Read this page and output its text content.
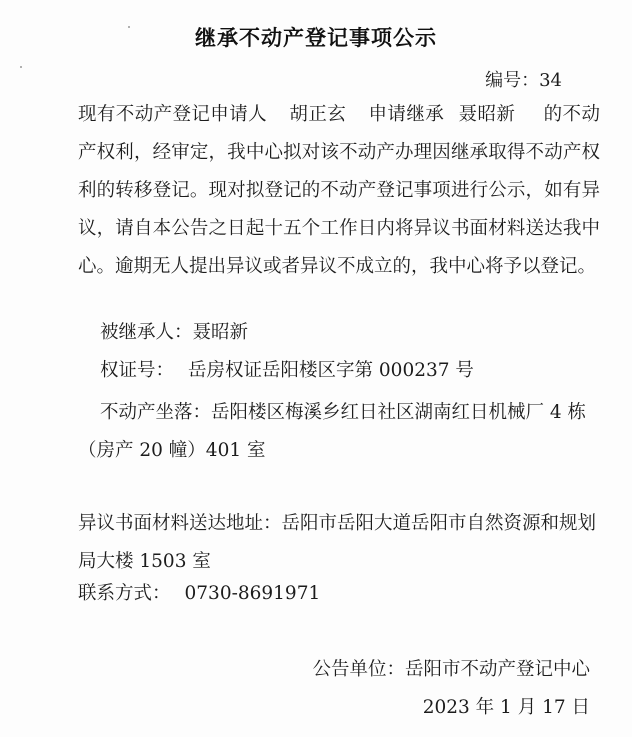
继承不动产登记事项公示
编号：34

现有不动产登记申请人 胡正玄 申请继承 聂昭新 的不动产权利，经审定，我中心拟对该不动产办理因继承取得不动产权利的转移登记。现对拟登记的不动产登记事项进行公示，如有异议，请自本公告之日起十五个工作日内将异议书面材料送达我中心。逾期无人提出异议或者异议不成立的，我中心将予以登记。

被继承人：聂昭新
权证号： 岳房权证岳阳楼区字第 000237 号
不动产坐落：岳阳楼区梅溪乡红日社区湖南红日机械厂 4 栋（房产 20 幢）401 室
异议书面材料送达地址：岳阳市岳阳大道岳阳市自然资源和规划局大楼 1503 室
联系方式： 0730-8691971
公告单位：岳阳市不动产登记中心
2023 年 1 月 17 日
